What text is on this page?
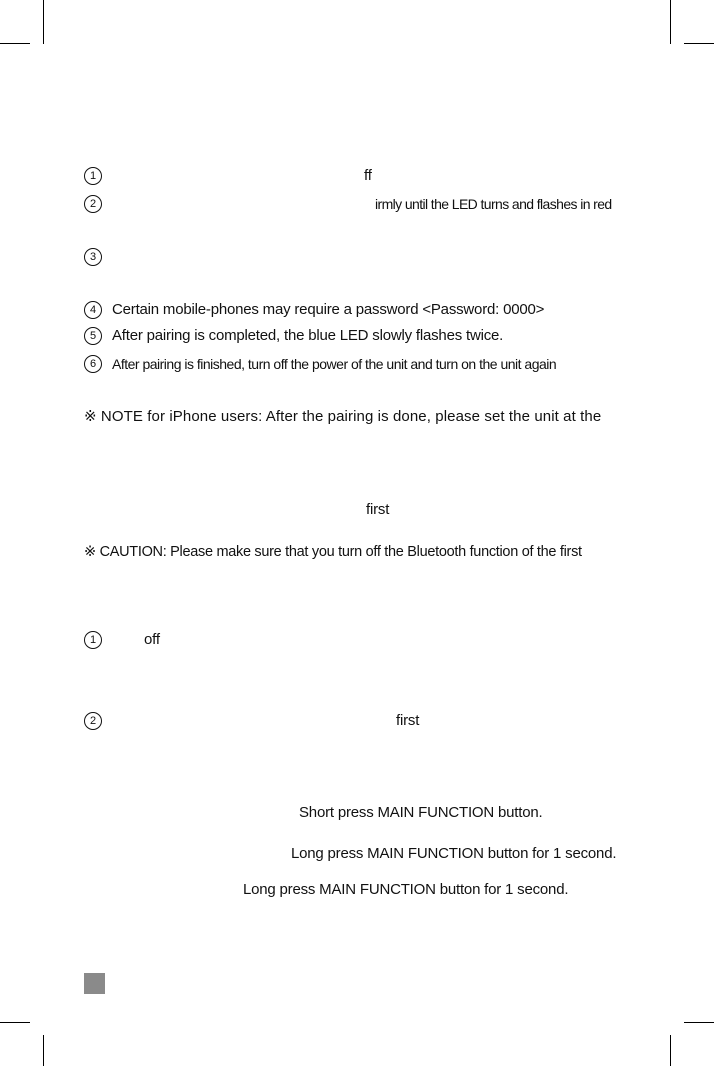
1	ff
2	irmly until the LED turns and flashes in red
3
4	Certain mobile-phones may require a password <Password: 0000>
5	After pairing is completed, the blue LED slowly flashes twice.
6	After pairing is finished, turn off the power of the unit and turn on the unit again
※ NOTE for iPhone users: After the pairing is done, please set the unit at the
first
※ CAUTION: Please make sure that you turn off the Bluetooth function of the first
1	off
2	first
Short press MAIN FUNCTION button.
Long press MAIN FUNCTION button for 1 second.
Long press MAIN FUNCTION button for 1 second.
